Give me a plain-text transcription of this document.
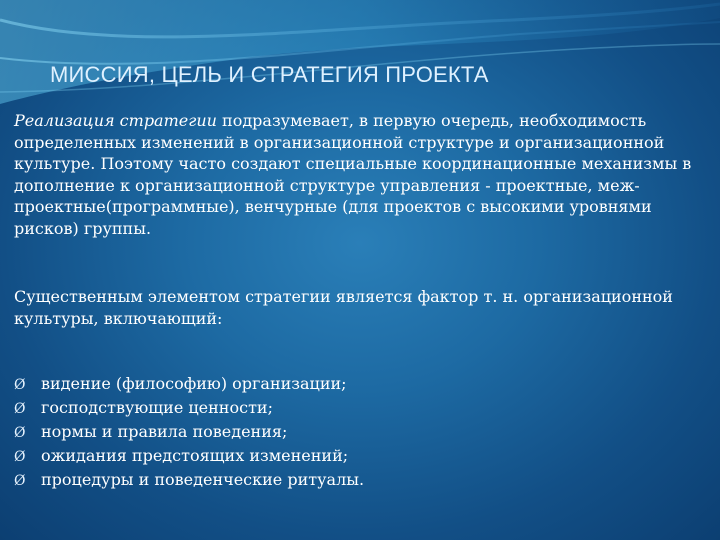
МИССИЯ, ЦЕЛЬ И СТРАТЕГИЯ ПРОЕКТА
Реализация стратегии подразумевает, в первую очередь, необходимость определенных изменений в организационной структуре и организационной культуре. Поэтому часто создают специальные координационные механизмы в дополнение к организационной структуре управления - проектные, меж-проектные(программные), венчурные (для проектов с высокими уровнями рисков) группы.
Существенным элементом стратегии является фактор т. н. организационной культуры, включающий:
Ø видение (философию) организации;
Ø господствующие ценности;
Ø нормы и правила поведения;
Ø ожидания предстоящих изменений;
Ø процедуры и поведенческие ритуалы.
